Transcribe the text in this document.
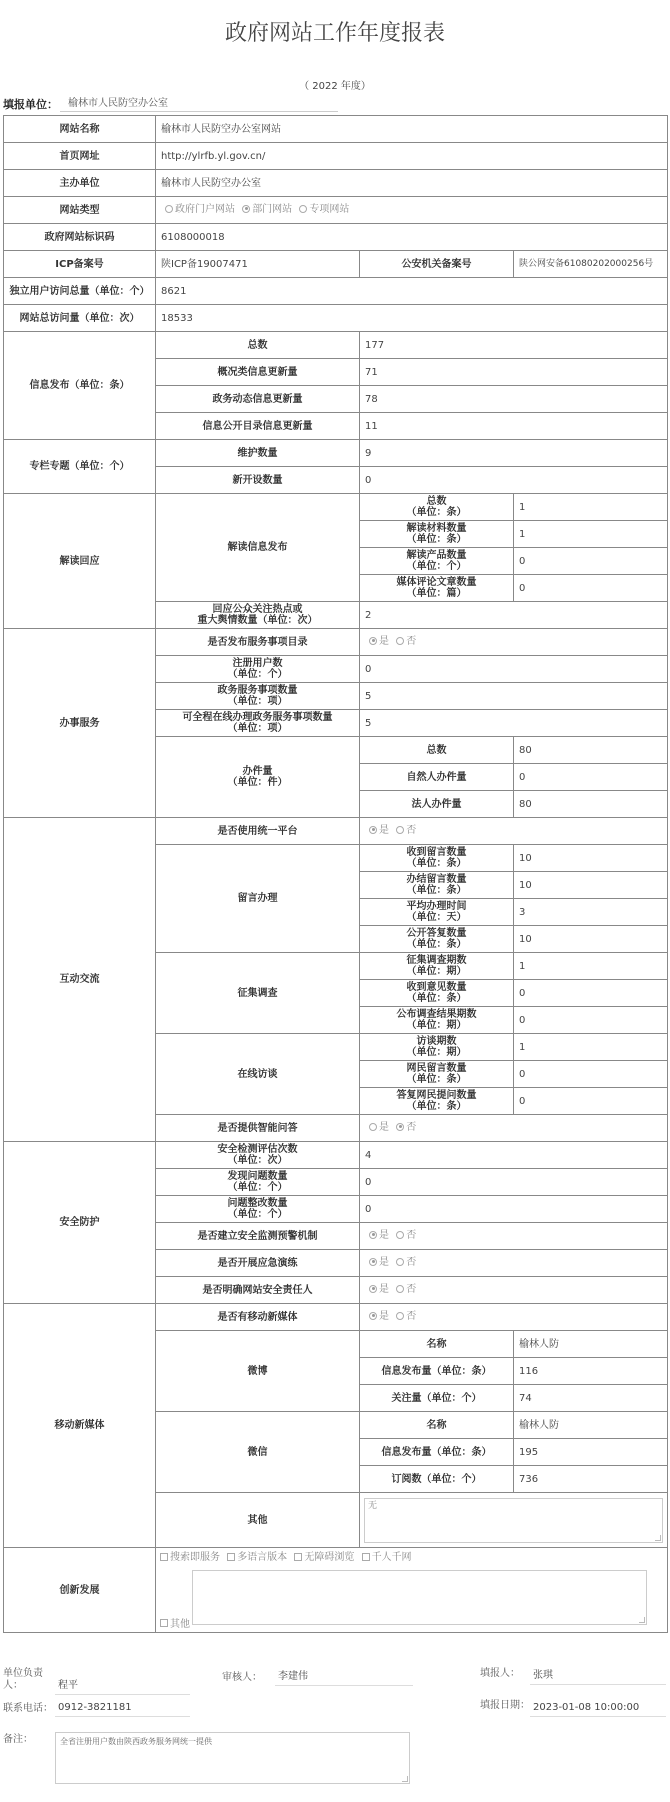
政府网站工作年度报表
（ 2022 年度）
填报单位：	榆林市人民防空办公室
网站名称	榆林市人民防空办公室网站		
首页网址	http://ylrfb.yl.gov.cn/		
主办单位	榆林市人民防空办公室		
网站类型	政府门户网站 部门网站 专项网站		
政府网站标识码	6108000018		
ICP备案号	陕ICP备19007471	公安机关备案号	陕公网安备61080202000256号
独立用户访问总量（单位：个）	8621		
网站总访问量（单位：次）	18533		
信息发布（单位：条）	总数	177	
	概况类信息更新量	71	
	政务动态信息更新量	78	
	信息公开目录信息更新量	11	
专栏专题（单位：个）	维护数量	9	
	新开设数量	0	
解读回应	解读信息发布	总数
（单位：条）	1
		解读材料数量
（单位：条）	1
		解读产品数量
（单位：个）	0
		媒体评论文章数量
（单位：篇）	0
	回应公众关注热点或
重大舆情数量（单位：次）	2	
办事服务	是否发布服务事项目录	是 否	
	注册用户数
（单位：个）	0	
	政务服务事项数量
（单位：项）	5	
	可全程在线办理政务服务事项数量
（单位：项）	5	
	办件量
（单位：件）	总数	80
		自然人办件量	0
		法人办件量	80
互动交流	是否使用统一平台	是 否	
	留言办理	收到留言数量
（单位：条）	10
		办结留言数量
（单位：条）	10
		平均办理时间
（单位：天）	3
		公开答复数量
（单位：条）	10
	征集调查	征集调查期数
（单位：期）	1
		收到意见数量
（单位：条）	0
		公布调查结果期数
（单位：期）	0
	在线访谈	访谈期数
（单位：期）	1
		网民留言数量
（单位：条）	0
		答复网民提问数量
（单位：条）	0
	是否提供智能问答	是 否	
安全防护	安全检测评估次数
（单位：次）	4	
	发现问题数量
（单位：个）	0	
	问题整改数量
（单位：个）	0	
	是否建立安全监测预警机制	是 否	
	是否开展应急演练	是 否	
	是否明确网站安全责任人	是 否	
移动新媒体	是否有移动新媒体	是 否	
	微博	名称	榆林人防
		信息发布量（单位：条）	116
		关注量（单位：个）	74
	微信	名称	榆林人防
		信息发布量（单位：条）	195
		订阅数（单位：个）	736
	其他	无	

创新发展	搜索即服务 多语言版本 无障碍浏览 千人千网
其他		
单位负责人：	程平
审核人：	李建伟	填报人：	张琪
联系电话： 0912-3821181	填报日期： 2023-01-08 10:00:00
备注：	全省注册用户数由陕西政务服务网统一提供
